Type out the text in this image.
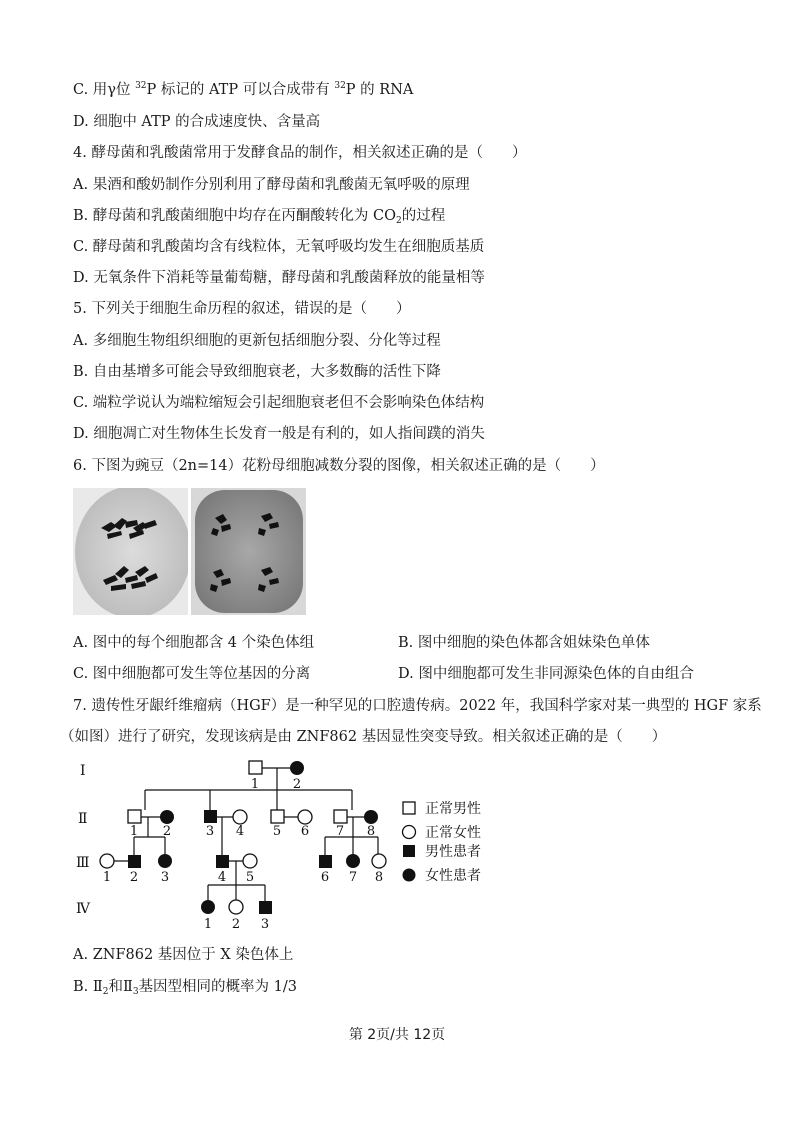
C. 用γ位 $^{32}$P 标记的 ATP 可以合成带有 $^{32}$P 的 RNA
D. 细胞中 ATP 的合成速度快、含量高
4. 酵母菌和乳酸菌常用于发酵食品的制作，相关叙述正确的是（　　）
A. 果酒和酸奶制作分别利用了酵母菌和乳酸菌无氧呼吸的原理
B. 酵母菌和乳酸菌细胞中均存在丙酮酸转化为 $CO_2$的过程
C. 酵母菌和乳酸菌均含有线粒体，无氧呼吸均发生在细胞质基质
D. 无氧条件下消耗等量葡萄糖，酵母菌和乳酸菌释放的能量相等
5. 下列关于细胞生命历程的叙述，错误的是（　　）
A. 多细胞生物组织细胞的更新包括细胞分裂、分化等过程
B. 自由基增多可能会导致细胞衰老，大多数酶的活性下降
C. 端粒学说认为端粒缩短会引起细胞衰老但不会影响染色体结构
D. 细胞凋亡对生物体生长发育一般是有利的，如人指间蹼的消失
6. 下图为豌豆（2n=14）花粉母细胞减数分裂的图像，相关叙述正确的是（　　）
A. 图中的每个细胞都含 4 个染色体组	B. 图中细胞的染色体都含姐妹染色单体
C. 图中细胞都可发生等位基因的分离	D. 图中细胞都可发生非同源染色体的自由组合
7. 遗传性牙龈纤维瘤病（HGF）是一种罕见的口腔遗传病。2022 年，我国科学家对某一典型的 HGF 家系
（如图）进行了研究，发现该病是由 ZNF862 基因显性突变导致。相关叙述正确的是（　　）
Ⅰ
Ⅱ
Ⅲ
Ⅳ
1	2
1 2	3 4 5 6 7 8
1 2 3	4 5	6 7 8
1 2 3
正常男性
正常女性
男性患者
女性患者
A. ZNF862 基因位于 X 染色体上
B. $Ⅱ_2$和$Ⅱ_3$基因型相同的概率为 1/3
第 2页/共 12页
